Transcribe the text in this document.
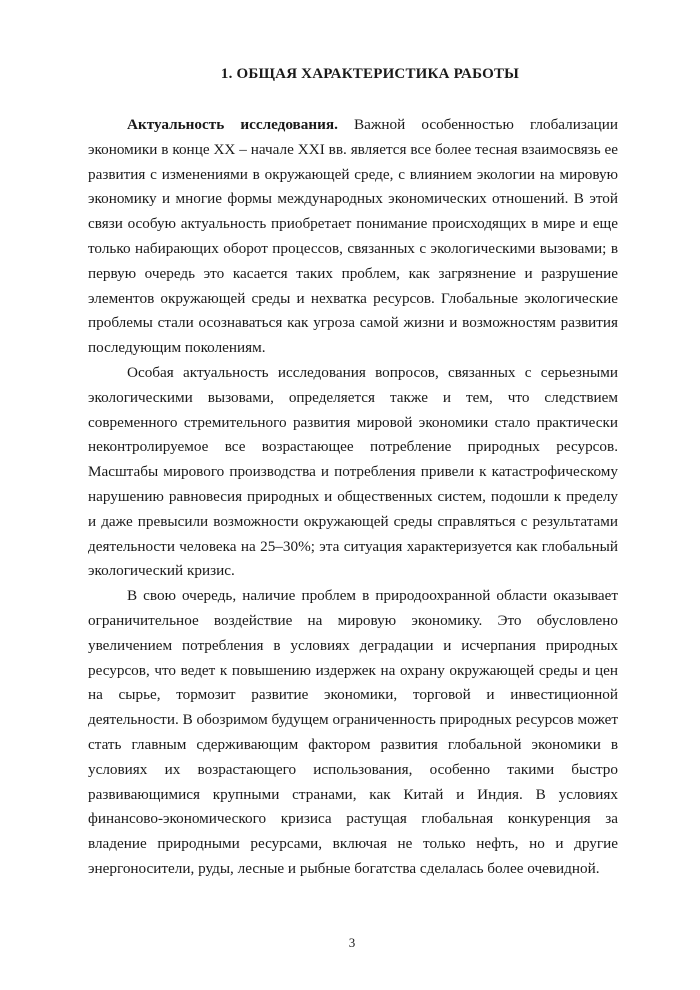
1. ОБЩАЯ ХАРАКТЕРИСТИКА РАБОТЫ

Актуальность исследования. Важной особенностью глобализации экономики в конце XX – начале XXI вв. является все более тесная взаимосвязь ее развития с изменениями в окружающей среде, с влиянием экологии на мировую экономику и многие формы международных экономических отношений. В этой связи особую актуальность приобретает понимание происходящих в мире и еще только набирающих оборот процессов, связанных с экологическими вызовами; в первую очередь это касается таких проблем, как загрязнение и разрушение элементов окружающей среды и нехватка ресурсов. Глобальные экологические проблемы стали осознаваться как угроза самой жизни и возможностям развития последующим поколениям.

Особая актуальность исследования вопросов, связанных с серьезными экологическими вызовами, определяется также и тем, что следствием современного стремительного развития мировой экономики стало практически неконтролируемое все возрастающее потребление природных ресурсов. Масштабы мирового производства и потребления привели к катастрофическому нарушению равновесия природных и общественных систем, подошли к пределу и даже превысили возможности окружающей среды справляться с результатами деятельности человека на 25–30%; эта ситуация характеризуется как глобальный экологический кризис.

В свою очередь, наличие проблем в природоохранной области оказывает ограничительное воздействие на мировую экономику. Это обусловлено увеличением потребления в условиях деградации и исчерпания природных ресурсов, что ведет к повышению издержек на охрану окружающей среды и цен на сырье, тормозит развитие экономики, торговой и инвестиционной деятельности. В обозримом будущем ограниченность природных ресурсов может стать главным сдерживающим фактором развития глобальной экономики в условиях их возрастающего использования, особенно такими быстро развивающимися крупными странами, как Китай и Индия. В условиях финансово-экономического кризиса растущая глобальная конкуренция за владение природными ресурсами, включая не только нефть, но и другие энергоносители, руды, лесные и рыбные богатства сделалась более очевидной.

3
